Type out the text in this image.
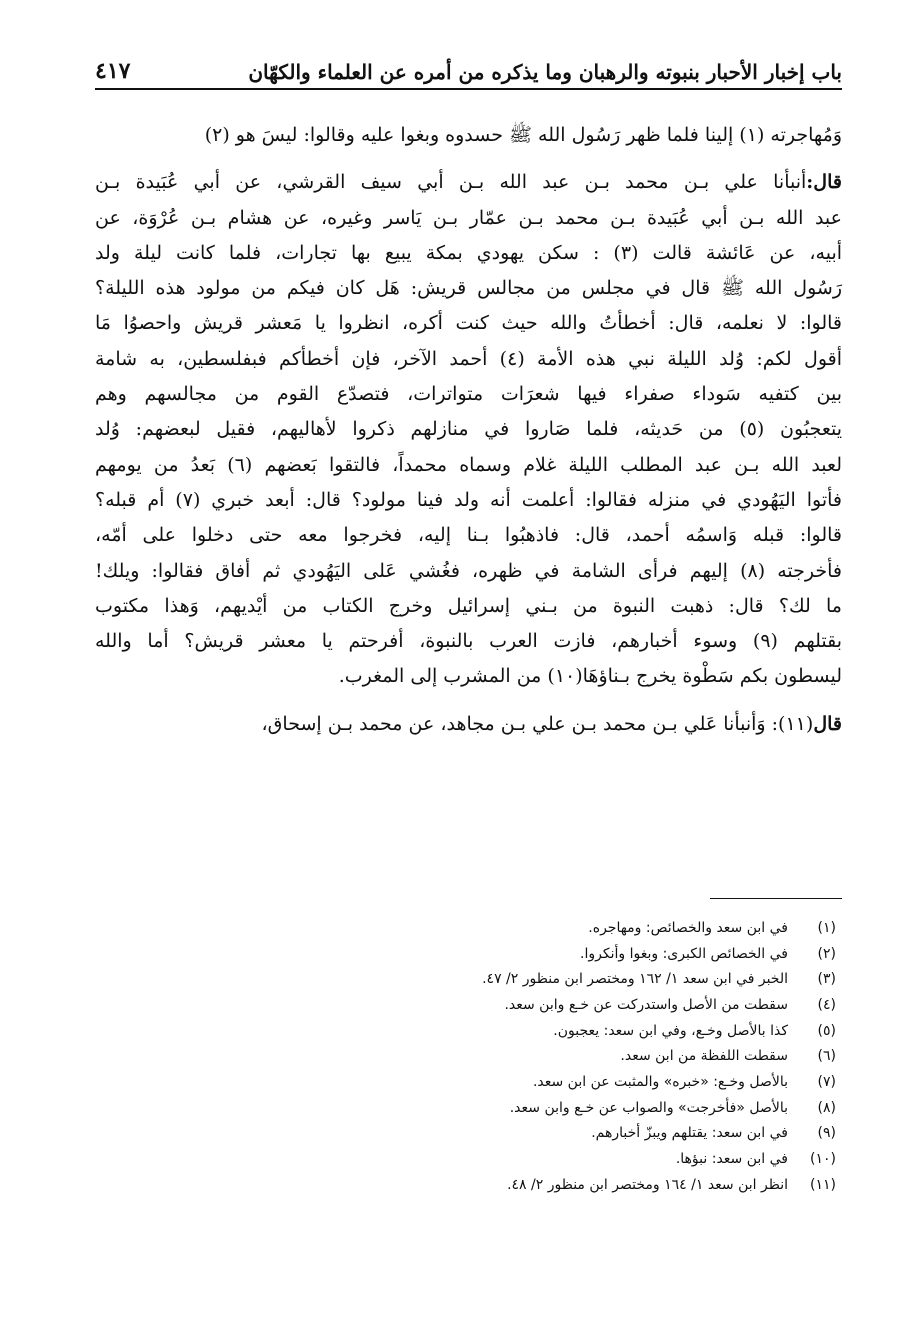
باب إخبار الأحبار بنبوته والرهبان وما يذكره من أمره عن العلماء والكهّان
٤١٧

وَمُهاجرته (١) إلينا فلما ظهر رَسُول الله ﷺ حسدوه وبغوا عليه وقالوا: ليسَ هو (٢)

قال:أنبأنا علي بـن محمد بـن عبد الله بـن أبي سيف القرشي، عن أبي عُبَيدة بـن
عبد الله بـن أبي عُبَيدة بـن محمد بـن عمّار بـن يَاسر وغيره، عن هشام بـن عُرْوَة، عن
أبيه، عن عَائشة قالت (٣) : سكن يهودي بمكة يبيع بها تجارات، فلما كانت ليلة ولد
رَسُول الله ﷺ قال في مجلس من مجالس قريش: هَل كان فيكم من مولود هذه الليلة؟
قالوا: لا نعلمه، قال: أخطأتُ والله حيث كنت أكره، انظروا يا مَعشر قريش واحصوُا مَا
أقول لكم: وُلد الليلة نبي هذه الأمة (٤) أحمد الآخر، فإن أخطأكم فبفلسطين، به شامة
بين كتفيه سَوداء صفراء فيها شعرَات متواترات، فتصدّع القوم من مجالسهم وهم
يتعجبُون (٥) من حَديثه، فلما صَاروا في منازلهم ذكروا لأهاليهم، فقيل لبعضهم: وُلد
لعبد الله بـن عبد المطلب الليلة غلام وسماه محمداً، فالتقوا بَعضهم (٦) بَعدُ من يومهم
فأتوا اليَهُودي في منزله فقالوا: أعلمت أنه ولد فينا مولود؟ قال: أبعد خبري (٧) أم قبله؟
قالوا: قبله وَاسمُه أحمد، قال: فاذهبُوا بـنا إليه، فخرجوا معه حتى دخلوا على أمّه،
فأخرجته (٨) إليهم فرأى الشامة في ظهره، فغُشي عَلى اليَهُودي ثم أفاق فقالوا: ويلك!
ما لك؟ قال: ذهبت النبوة من بـني إسرائيل وخرج الكتاب من أيْديهم، وَهذا مكتوب
بقتلهم (٩) وسوء أخبارهم، فازت العرب بالنبوة، أفرحتم يا معشر قريش؟ أما والله
ليسطون بكم سَطْوة يخرج بـناؤهَا(١٠) من المشرب إلى المغرب.

قال(١١): وَأنبأنا عَلي بـن محمد بـن علي بـن مجاهد، عن محمد بـن إسحاق،

(١)
في ابن سعد والخصائص: ومهاجره.
(٢)
في الخصائص الكبرى: وبغوا وأنكروا.
(٣)
الخبر في ابن سعد ١/ ١٦٢ ومختصر ابن منظور ٢/ ٤٧.
(٤)
سقطت من الأصل واستدركت عن خـع وابن سعد.
(٥)
كذا بالأصل وخـع، وفي ابن سعد: يعجبون.
(٦)
سقطت اللفظة من ابن سعد.
(٧)
بالأصل وخـع: «خبره» والمثبت عن ابن سعد.
(٨)
بالأصل «فأخرجت» والصواب عن خـع وابن سعد.
(٩)
في ابن سعد: يقتلهم ويبزّ أخبارهم.
(١٠)
في ابن سعد: نبؤها.
(١١)
انظر ابن سعد ١/ ١٦٤ ومختصر ابن منظور ٢/ ٤٨.
